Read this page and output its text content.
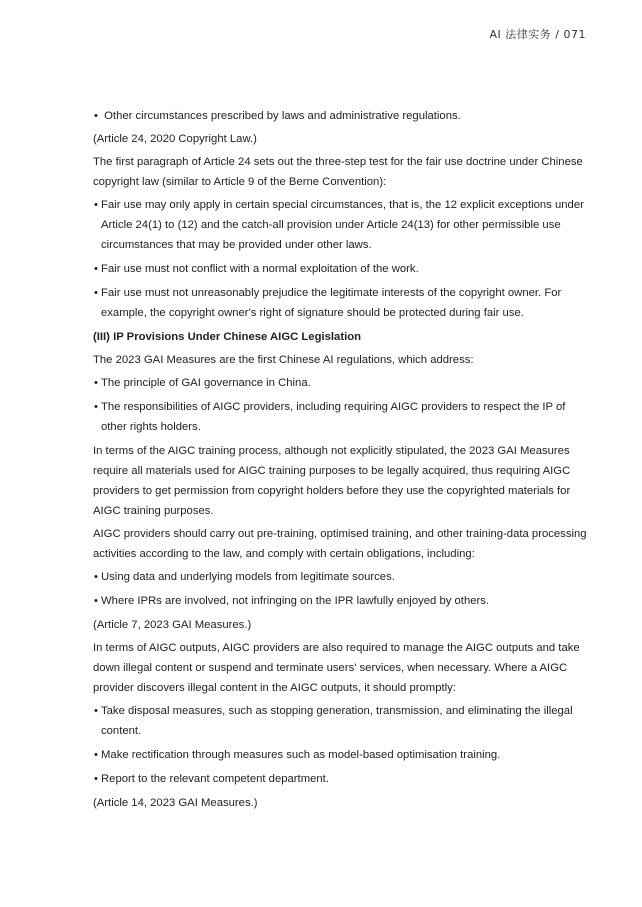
AI 法律实务 / 071

• Other circumstances prescribed by laws and administrative regulations.

(Article 24, 2020 Copyright Law.)

The first paragraph of Article 24 sets out the three-step test for the fair use doctrine under Chinese copyright law (similar to Article 9 of the Berne Convention):

• Fair use may only apply in certain special circumstances, that is, the 12 explicit exceptions under Article 24(1) to (12) and the catch-all provision under Article 24(13) for other permissible use circumstances that may be provided under other laws.

• Fair use must not conflict with a normal exploitation of the work.

• Fair use must not unreasonably prejudice the legitimate interests of the copyright owner. For example, the copyright owner's right of signature should be protected during fair use.

(III) IP Provisions Under Chinese AIGC Legislation

The 2023 GAI Measures are the first Chinese AI regulations, which address:

• The principle of GAI governance in China.

• The responsibilities of AIGC providers, including requiring AIGC providers to respect the IP of other rights holders.

In terms of the AIGC training process, although not explicitly stipulated, the 2023 GAI Measures require all materials used for AIGC training purposes to be legally acquired, thus requiring AIGC providers to get permission from copyright holders before they use the copyrighted materials for AIGC training purposes.

AIGC providers should carry out pre-training, optimised training, and other training-data processing activities according to the law, and comply with certain obligations, including:

• Using data and underlying models from legitimate sources.

• Where IPRs are involved, not infringing on the IPR lawfully enjoyed by others.

(Article 7, 2023 GAI Measures.)

In terms of AIGC outputs, AIGC providers are also required to manage the AIGC outputs and take down illegal content or suspend and terminate users' services, when necessary. Where a AIGC provider discovers illegal content in the AIGC outputs, it should promptly:

• Take disposal measures, such as stopping generation, transmission, and eliminating the illegal content.

• Make rectification through measures such as model-based optimisation training.

• Report to the relevant competent department.

(Article 14, 2023 GAI Measures.)
